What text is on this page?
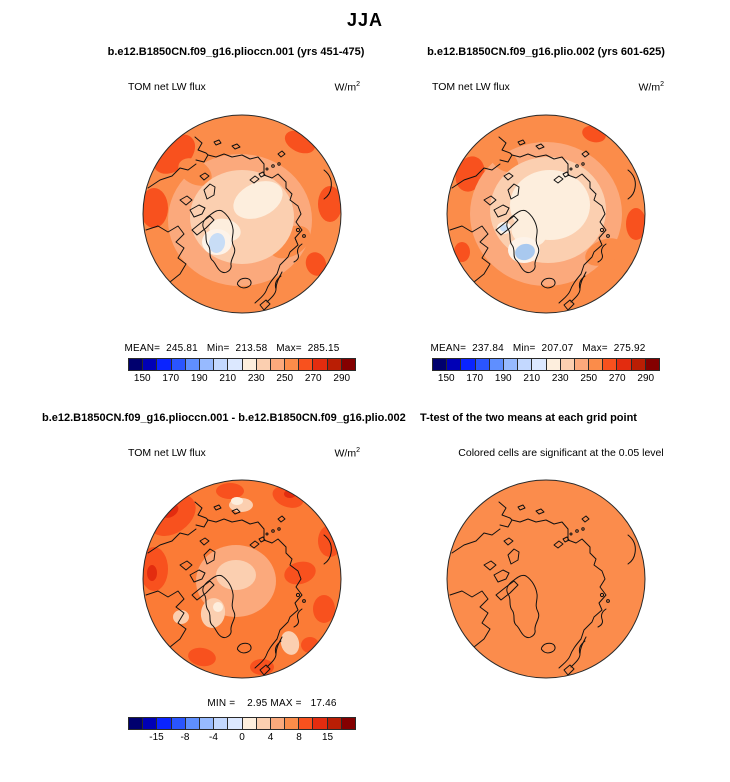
JJA
b.e12.B1850CN.f09_g16.plioccn.001 (yrs 451-475)	b.e12.B1850CN.f09_g16.plio.002 (yrs 601-625)
TOM net LW flux	$W/m^2$	TOM net LW flux	$W/m^2$
MEAN=  245.81   Min=  213.58   Max=  285.15	MEAN=  237.84   Min=  207.07   Max=  275.92
150 170 190 210 230 250 270 290	150 170 190 210 230 250 270 290
b.e12.B1850CN.f09_g16.plioccn.001 - b.e12.B1850CN.f09_g16.plio.002 T-test of the two means at each grid point
TOM net LW flux	$W/m^2$	Colored cells are significant at the 0.05 level
MIN =    2.95 MAX =   17.46
-15 -8 -4 0 4 8 15
